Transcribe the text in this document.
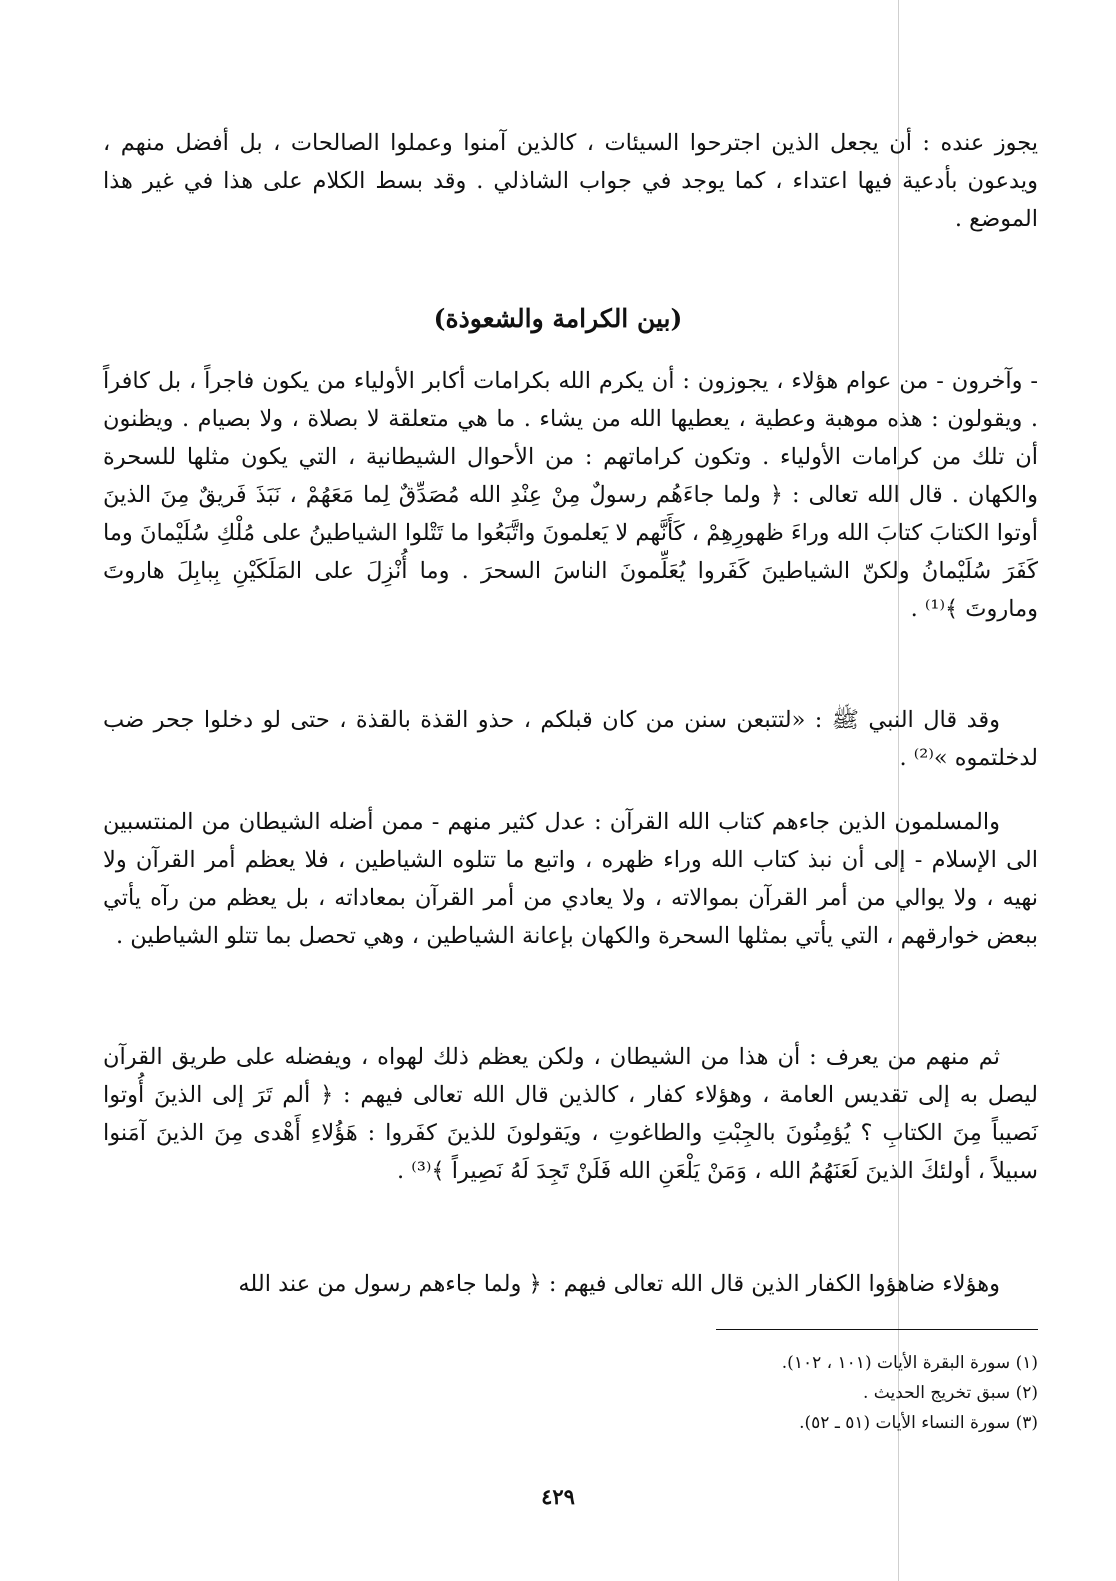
يجوز عنده : أن يجعل الذين اجترحوا السيئات ، كالذين آمنوا وعملوا الصالحات ، بل أفضل منهم ، ويدعون بأدعية فيها اعتداء ، كما يوجد في جواب الشاذلي . وقد بسط الكلام على هذا في غير هذا الموضع .

(بين الكرامة والشعوذة)

- وآخرون - من عوام هؤلاء ، يجوزون : أن يكرم الله بكرامات أكابر الأولياء من يكون فاجراً ، بل كافراً . ويقولون : هذه موهبة وعطية ، يعطيها الله من يشاء . ما هي متعلقة لا بصلاة ، ولا بصيام . ويظنون أن تلك من كرامات الأولياء . وتكون كراماتهم : من الأحوال الشيطانية ، التي يكون مثلها للسحرة والكهان . قال الله تعالى : ﴿ ولما جاءَهُم رسولٌ مِنْ عِنْدِ الله مُصَدِّقٌ لِما مَعَهُمْ ، نَبَذَ فَريقٌ مِنَ الذينَ أوتوا الكتابَ كتابَ الله وراءَ ظهورِهِمْ ، كَأَنَّهم لا يَعلمونَ واتَّبَعُوا ما تَتْلوا الشياطينُ على مُلْكِ سُلَيْمانَ وما كَفَرَ سُلَيْمانُ ولكنّ الشياطينَ كَفَروا يُعَلِّمونَ الناسَ السحرَ . وما أُنْزِلَ على المَلَكَيْنِ بِبابِلَ هاروتَ وماروتَ ﴾⁽¹⁾ .

وقد قال النبي ﷺ : «لتتبعن سنن من كان قبلكم ، حذو القذة بالقذة ، حتى لو دخلوا جحر ضب لدخلتموه »⁽²⁾ .

والمسلمون الذين جاءهم كتاب الله القرآن : عدل كثير منهم - ممن أضله الشيطان من المنتسبين الى الإسلام - إلى أن نبذ كتاب الله وراء ظهره ، واتبع ما تتلوه الشياطين ، فلا يعظم أمر القرآن ولا نهيه ، ولا يوالي من أمر القرآن بموالاته ، ولا يعادي من أمر القرآن بمعاداته ، بل يعظم من رآه يأتي ببعض خوارقهم ، التي يأتي بمثلها السحرة والكهان بإعانة الشياطين ، وهي تحصل بما تتلو الشياطين .

ثم منهم من يعرف : أن هذا من الشيطان ، ولكن يعظم ذلك لهواه ، ويفضله على طريق القرآن ليصل به إلى تقديس العامة ، وهؤلاء كفار ، كالذين قال الله تعالى فيهم : ﴿ ألم تَرَ إلى الذينَ أُوتوا نَصيباً مِنَ الكتابِ ؟ يُؤمِنُونَ بالجِبْتِ والطاغوتِ ، ويَقولونَ للذينَ كفَروا : هَؤُلاءِ أَهْدى مِنَ الذينَ آمَنوا سبيلاً ، أولئكَ الذينَ لَعَنَهُمُ الله ، وَمَنْ يَلْعَنِ الله فَلَنْ تَجِدَ لَهُ نَصِيراً ﴾⁽³⁾ .

وهؤلاء ضاهؤوا الكفار الذين قال الله تعالى فيهم : ﴿ ولما جاءهم رسول من عند الله

(١) سورة البقرة الأيات (١٠١ ، ١٠٢).
(٢) سبق تخريج الحديث .
(٣) سورة النساء الأيات (٥١ ـ ٥٢).
٤٢٩
